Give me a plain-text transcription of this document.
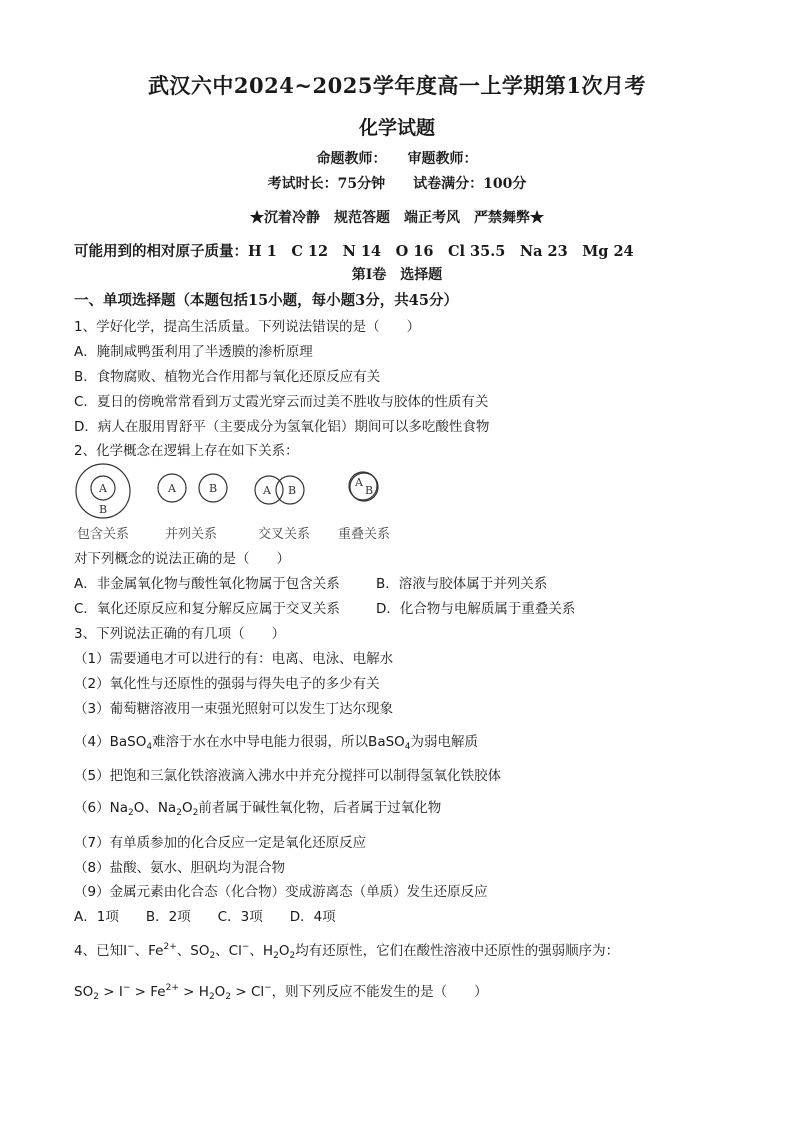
武汉六中2024~2025学年度高一上学期第1次月考
化学试题
命题教师：　　审题教师：
考试时长：75分钟　　试卷满分：100分
★沉着冷静　规范答题　端正考风　严禁舞弊★
可能用到的相对原子质量：H 1　C 12　N 14　O 16　Cl 35.5　Na 23　Mg 24
第Ⅰ卷　选择题
一、单项选择题（本题包括15小题，每小题3分，共45分）
1、学好化学，提高生活质量。下列说法错误的是（　　）
A．腌制咸鸭蛋利用了半透膜的渗析原理
B．食物腐败、植物光合作用都与氧化还原反应有关
C．夏日的傍晚常常看到万丈霞光穿云而过美不胜收与胶体的性质有关
D．病人在服用胃舒平（主要成分为氢氧化铝）期间可以多吃酸性食物
2、化学概念在逻辑上存在如下关系：
A
B
A	B	A B
A
B
包含关系	并列关系	交叉关系 重叠关系
对下列概念的说法正确的是（　　）
A．非金属氧化物与酸性氧化物属于包含关系	B．溶液与胶体属于并列关系
C．氧化还原反应和复分解反应属于交叉关系	D．化合物与电解质属于重叠关系
3、下列说法正确的有几项（　　）
（1）需要通电才可以进行的有：电离、电泳、电解水
（2）氧化性与还原性的强弱与得失电子的多少有关
（3）葡萄糖溶液用一束强光照射可以发生丁达尔现象
（4）BaSO$_4$难溶于水在水中导电能力很弱，所以BaSO$_4$为弱电解质
（5）把饱和三氯化铁溶液滴入沸水中并充分搅拌可以制得氢氧化铁胶体
$(6)Na_2O$、$Na_2O_2$前者属于碱性氧化物，后者属于过氧化物
（7）有单质参加的化合反应一定是氧化还原反应
（8）盐酸、氨水、胆矾均为混合物
（9）金属元素由化合态（化合物）变成游离态（单质）发生还原反应
A．1项　　B．2项　　C．3项　　D．4项
4、已知I−、$Fe^{2+}$、$SO_2$、Cl−、$H_2O_2$均有还原性，它们在酸性溶液中还原性的强弱顺序为：
$SO_2 > I^- > Fe^{2+} > H_2O_2 > Cl^-$，则下列反应不能发生的是（　　）
